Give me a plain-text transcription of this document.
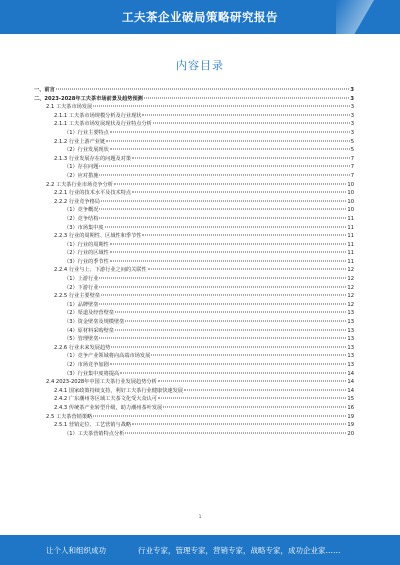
工夫茶企业破局策略研究报告
内容目录
一、前言	3
二、2023-2028年工夫茶市场前景及趋势预测	3
2.1 工夫茶市场发展	3
2.1.1 工夫茶市场规模分析及行业现状	3
2.1.1 工夫茶市场发展现状及行业特点分析	3
（1）行业主要特点	3
2.1.2 行业上游产业链	5
（2）行业发展现状	5
2.1.3 行业发展存在的问题及对策	7
（1）存在问题	7
（2）应对措施	7
2.2 工夫茶行业市场竞争分析	10
2.2.1 行业的技术水平及技术特点	10
2.2.2 行业竞争格局	10
（1）竞争概况	10
（2）竞争结构	11
（3）市场集中度	11
2.2.3 行业的周期性、区域性和季节性	11
（1）行业的周期性	11
（2）行业的区域性	11
（3）行业的季节性	11
2.2.4 行业与上、下游行业之间的关联性	12
（1）上游行业	12
（2）下游行业	12
2.2.5 行业主要壁垒	12
（1）品牌壁垒	12
（2）渠道及经营壁垒	13
（3）资金壁垒及规模壁垒	13
（4）原材料采购壁垒	13
（5）管理壁垒	13
2.2.6 行业未来发展趋势	13
（1）竞争产业领域将向高端市场发展	13
（2）市场竞争加剧	13
（3）行业集中度将提高	14
2.4 2023-2028年中国工夫茶行业发展趋势分析	14
2.4.1 国家政策持续支持，利好工夫茶行业健康快速发展	14
2.4.2 广东潮州等区域工夫茶文化受大众认可	15
2.4.3 传统茶产业转型升级，助力潮州茶叶发展	16
2.5 工夫茶营销策略	19
2.5.1 营销定位、工艺营销与战略	19
（1）工夫茶营销特点分析	20
1
让个人和组织成功	行业专家，管理专家，营销专家，战略专家，成功企业家……
